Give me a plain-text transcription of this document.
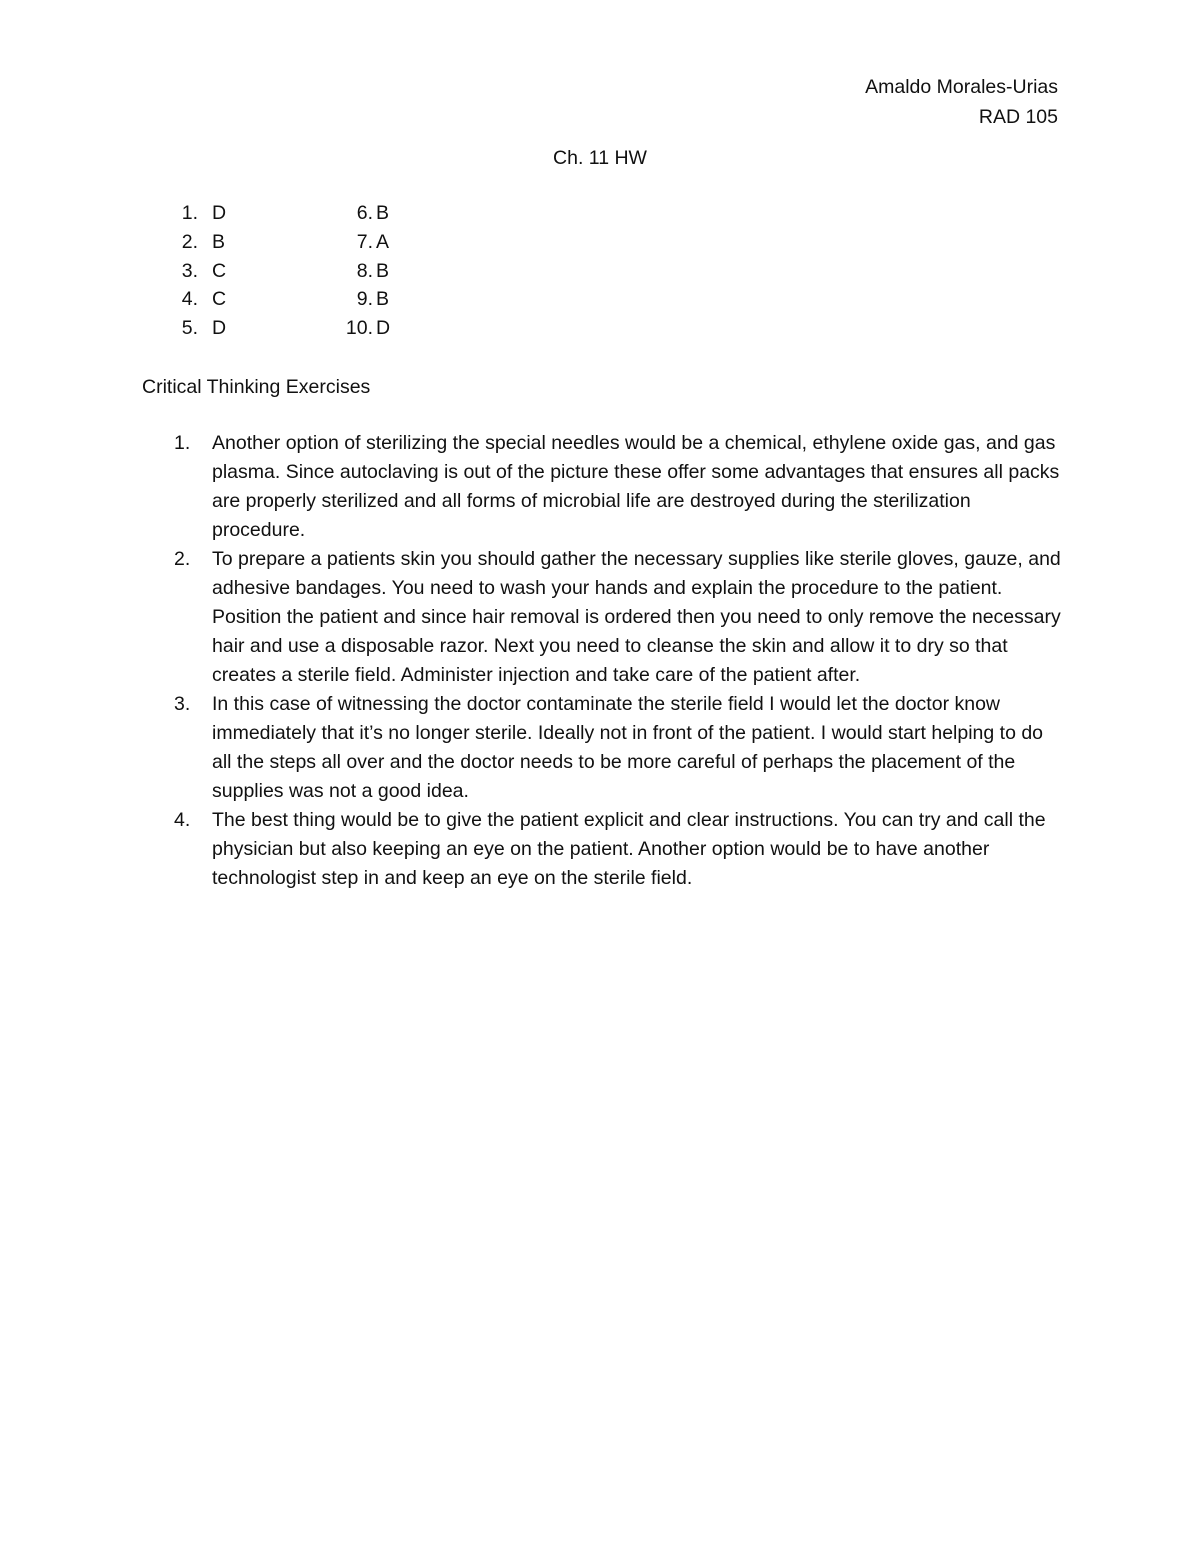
Amaldo Morales-Urias
RAD 105
Ch. 11 HW
1. D	6. B
2. B	7. A
3. C	8. B
4. C	9. B
5. D	10. D
Critical Thinking Exercises
1. Another option of sterilizing the special needles would be a chemical, ethylene oxide gas, and gas plasma. Since autoclaving is out of the picture these offer some advantages that ensures all packs are properly sterilized and all forms of microbial life are destroyed during the sterilization procedure.
2. To prepare a patients skin you should gather the necessary supplies like sterile gloves, gauze, and adhesive bandages. You need to wash your hands and explain the procedure to the patient. Position the patient and since hair removal is ordered then you need to only remove the necessary hair and use a disposable razor. Next you need to cleanse the skin and allow it to dry so that creates a sterile field. Administer injection and take care of the patient after.
3. In this case of witnessing the doctor contaminate the sterile field I would let the doctor know immediately that it’s no longer sterile. Ideally not in front of the patient. I would start helping to do all the steps all over and the doctor needs to be more careful of perhaps the placement of the supplies was not a good idea.
4. The best thing would be to give the patient explicit and clear instructions. You can try and call the physician but also keeping an eye on the patient. Another option would be to have another technologist step in and keep an eye on the sterile field.
